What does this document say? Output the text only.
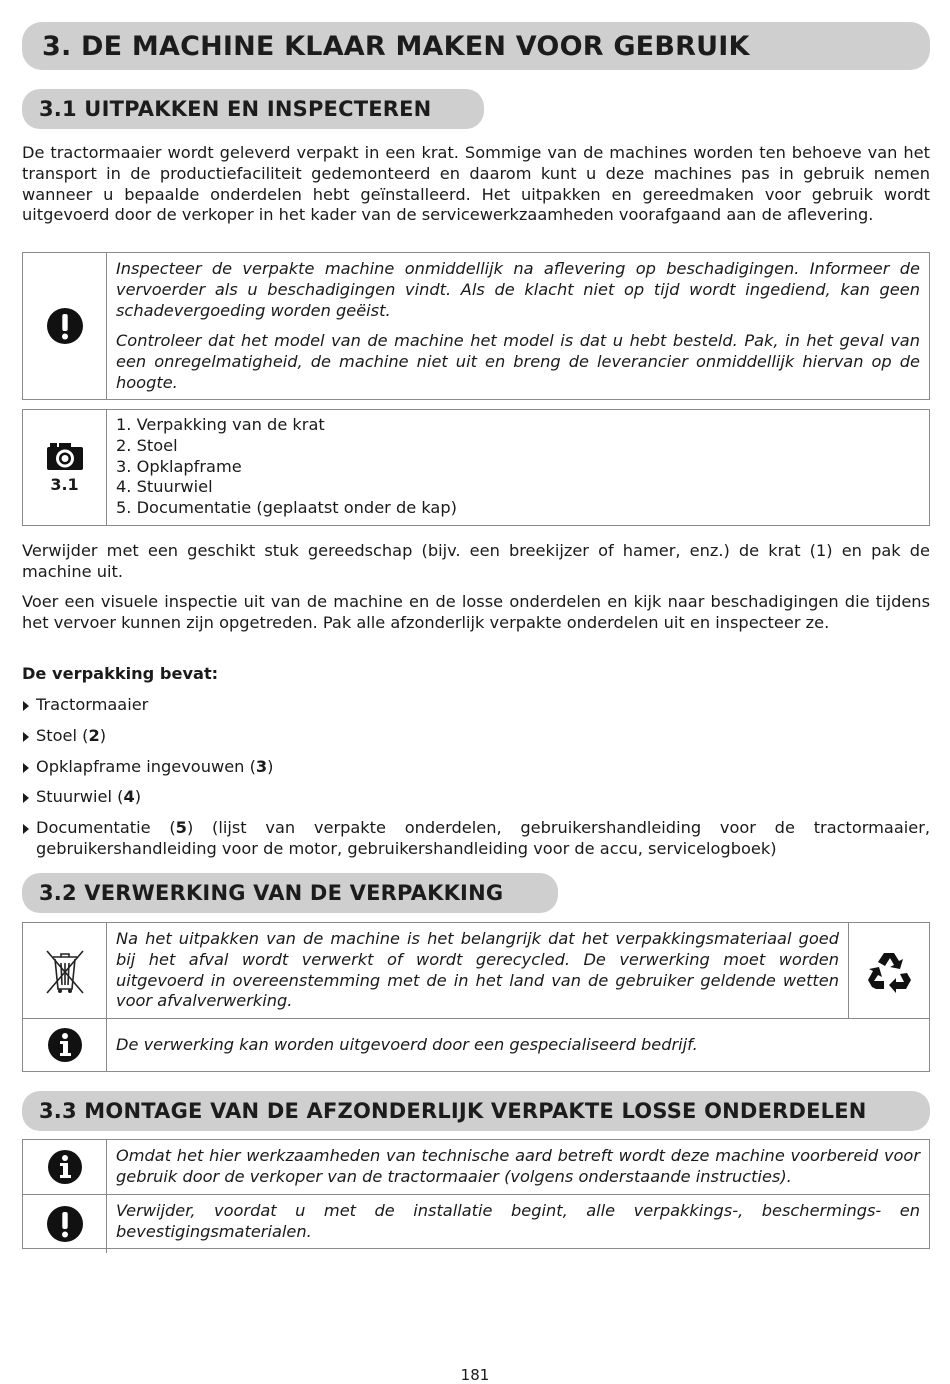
3. DE MACHINE KLAAR MAKEN VOOR GEBRUIK
3.1 UITPAKKEN EN INSPECTEREN

De tractormaaier wordt geleverd verpakt in een krat. Sommige van de machines worden ten behoeve van het transport in de productiefaciliteit gedemonteerd en daarom kunt u deze machines pas in gebruik nemen wanneer u bepaalde onderdelen hebt geïnstalleerd. Het uitpakken en gereedmaken voor gebruik wordt uitgevoerd door de verkoper in het kader van de servicewerkzaamheden voorafgaand aan de aflevering.

Inspecteer de verpakte machine onmiddellijk na aflevering op beschadigingen. Informeer de vervoerder als u beschadigingen vindt. Als de klacht niet op tijd wordt ingediend, kan geen schadevergoeding worden geëist.

Controleer dat het model van de machine het model is dat u hebt besteld. Pak, in het geval van een onregelmatigheid, de machine niet uit en breng de leverancier onmiddellijk hiervan op de hoogte.

3.1
1. Verpakking van de krat
2. Stoel
3. Opklapframe
4. Stuurwiel
5. Documentatie (geplaatst onder de kap)

Verwijder met een geschikt stuk gereedschap (bijv. een breekijzer of hamer, enz.) de krat (1) en pak de machine uit.

Voer een visuele inspectie uit van de machine en de losse onderdelen en kijk naar beschadigingen die tijdens het vervoer kunnen zijn opgetreden. Pak alle afzonderlijk verpakte onderdelen uit en inspecteer ze.

De verpakking bevat:

Tractormaaier
Stoel (2)
Opklapframe ingevouwen (3)
Stuurwiel (4)
Documentatie (5) (lijst van verpakte onderdelen, gebruikershandleiding voor de tractormaaier, gebruikershandleiding voor de motor, gebruikershandleiding voor de accu, servicelogboek)
3.2 VERWERKING VAN DE VERPAKKING

Na het uitpakken van de machine is het belangrijk dat het verpakkingsmateriaal goed bij het afval wordt verwerkt of wordt gerecycled. De verwerking moet worden uitgevoerd in overeenstemming met de in het land van de gebruiker geldende wetten voor afvalverwerking.

De verwerking kan worden uitgevoerd door een gespecialiseerd bedrijf.

3.3 MONTAGE VAN DE AFZONDERLIJK VERPAKTE LOSSE ONDERDELEN

Omdat het hier werkzaamheden van technische aard betreft wordt deze machine voorbereid voor gebruik door de verkoper van de tractormaaier (volgens onderstaande instructies).

Verwijder, voordat u met de installatie begint, alle verpakkings-, beschermings- en bevestigingsmaterialen.

181
